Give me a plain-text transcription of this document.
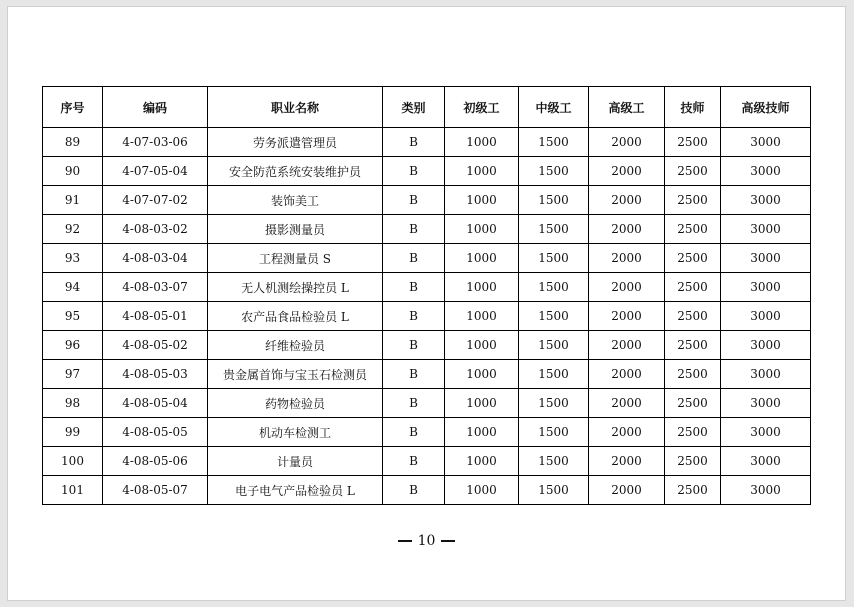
序号	编码	职业名称	类别	初级工	中级工	高级工	技师	高级技师
89	4-07-03-06	劳务派遣管理员	B	1000	1500	2000	2500	3000
90	4-07-05-04	安全防范系统安装维护员	B	1000	1500	2000	2500	3000
91	4-07-07-02	装饰美工	B	1000	1500	2000	2500	3000
92	4-08-03-02	摄影测量员	B	1000	1500	2000	2500	3000
93	4-08-03-04	工程测量员 S	B	1000	1500	2000	2500	3000
94	4-08-03-07	无人机测绘操控员 L	B	1000	1500	2000	2500	3000
95	4-08-05-01	农产品食品检验员 L	B	1000	1500	2000	2500	3000
96	4-08-05-02	纤维检验员	B	1000	1500	2000	2500	3000
97	4-08-05-03	贵金属首饰与宝玉石检测员	B	1000	1500	2000	2500	3000
98	4-08-05-04	药物检验员	B	1000	1500	2000	2500	3000
99	4-08-05-05	机动车检测工	B	1000	1500	2000	2500	3000
100	4-08-05-06	计量员	B	1000	1500	2000	2500	3000
101	4-08-05-07	电子电气产品检验员 L	B	1000	1500	2000	2500	3000
10
